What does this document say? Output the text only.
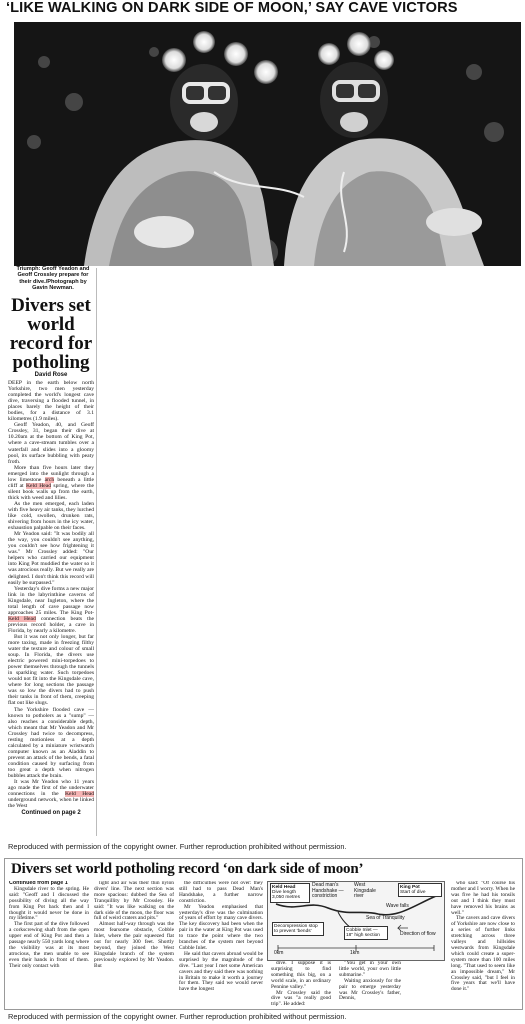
‘LIKE WALKING ON DARK SIDE OF MOON,’ SAY CAVE VICTORS
Triumph: Geoff Yeadon and Geoff Crossley prepare for their dive./Photograph by Gavin Newman.
Divers set world record for potholing
David Rose

DEEP in the earth below north Yorkshire, two men yesterday completed the world's longest cave dive, traversing a flooded tunnel, in places barely the height of their bodies, for a distance of 3.1 kilometres (1.9 miles).

Geoff Yeadon, 40, and Geoff Crossley, 31, began their dive at 10.20am at the bottom of King Pot, where a cave-stream tumbles over a waterfall and slides into a gloomy pool, its surface bubbling with peaty froth.

More than five hours later they emerged into the sunlight through a low limestone arch beneath a little cliff at Keld Head spring, where the silent book walls up from the earth, thick with weed and lilies.

As the men emerged, each laden with five heavy air tanks, they lurched like cold, swollen, drunken rats, shivering from hours in the icy water, exhaustion palpable on their faces.

Mr Yeadon said: "It was bodily all the way, you couldn't see anything, you couldn't see how frightening it was." Mr Crossley added: "Our helpers who carried our equipment into King Pot muddied the water so it was atrocious really. But we really are delighted. I don't think this record will easily be surpassed."

Yesterday's dive forms a new major link in the labyrinthine caverns of Kingsdale, near Ingleton, where the total length of cave passage now approaches 25 miles. The King Pot-Keld Head connection beats the previous record holder, a cave in Florida, by nearly a kilometre.

But it was not only longer, but far more taxing, made in freezing filthy water the texture and colour of small soup. In Florida, the divers use electric powered mini-torpedoes to power themselves through the tunnels in sparkling water. Such torpedoes would not fit into the Kingsdale cave, where for long sections the passage was so low the divers had to push their tanks in front of them, creeping flat out like slugs.

The Yorkshire flooded cave — known to potholers as a "sump" — also reaches a considerable depth, which meant that Mr Yeadon and Mr Crossley had twice to decompress, resting motionless at a depth calculated by a miniature wristwatch computer known as an Aladdin to prevent an attack of the bends, a fatal condition caused by surfacing from too great a depth when nitrogen bubbles attack the brain.

It was Mr Yeadon who 11 years ago made the first of the underwater connections in the Keld Head underground network, when he linked the West

Continued on page 2
Reproduced with permission of the copyright owner. Further reproduction prohibited without permission.
Divers set world potholing record ‘on dark side of moon’

Continued from page 1

Kingsdale river to the spring. He said: "Geoff and I discussed the possibility of diving all the way from King Pot back then and I thought it would never be done in my lifetime."

The first part of the dive followed a corkscrewing shaft from the open upper end of King Pot and then a passage nearly 550 yards long where the visibility was at its most atrocious, the men unable to see even their hands in front of them. Their only contact with

light and air was their thin nylon divers' line. The next section was more spacious: dubbed the Sea of Tranquillity by Mr Crossley. He said: "It was like walking on the dark side of the moon, the floor was full of weird craters and pits."

Almost half-way through was the most fearsome obstacle, Cobble Inlet, where the pair squeezed flat out for nearly 300 feet. Shortly beyond, they joined the West Kingsdale branch of the system previously explored by Mr Yeadon. But

the difficulties were not over: they still had to pass Dead Man's Handshake, a further narrow constriction.

Mr Yeadon emphasised that yesterday's dive was the culmination of years of effort by many cave divers. The key discovery had been when the pair in the water at King Pot was used to trace the point where the two branches of the system met beyond Cobble Inlet.

He said that cavers abroad would be surprised by the magnitude of the dive. "Last year I met some American cavers and they said there was nothing in Britain to make it worth a journey for them. They said we would never have the longest

dive. I suppose it is surprising to find something this big, on a world scale, in an ordinary Pennine valley."

Mr Crossley said the dive was "a really good trip". He added:

"You get in your own little world, your own little submarine."

Waiting anxiously for the pair to emerge yesterday was Mr Crossley's father, Dennis,

who said: "Of course his mother and I worry. When he was five he had his tonsils out and I think they must have removed his brains as well."

The cavers and cave divers of Yorkshire are now close to a series of further links stretching across three valleys and hillsides westwards from Kingsdale which could create a super-system more than 100 miles long. "That used to seem like an impossible dream," Mr Crossley said, "but I feel in five years that we'll have done it."

Keld Head
Dive length 3,050 metres
Dead man's Handshake — constriction
West Kingsdale river
King Pot
Start of dive
Wave falls
Sea of Tranquility
Decompression stop to prevent 'bends'	Cobble Inlet — 18" high section	Direction of flow
0km	1km
Reproduced with permission of the copyright owner. Further reproduction prohibited without permission.
